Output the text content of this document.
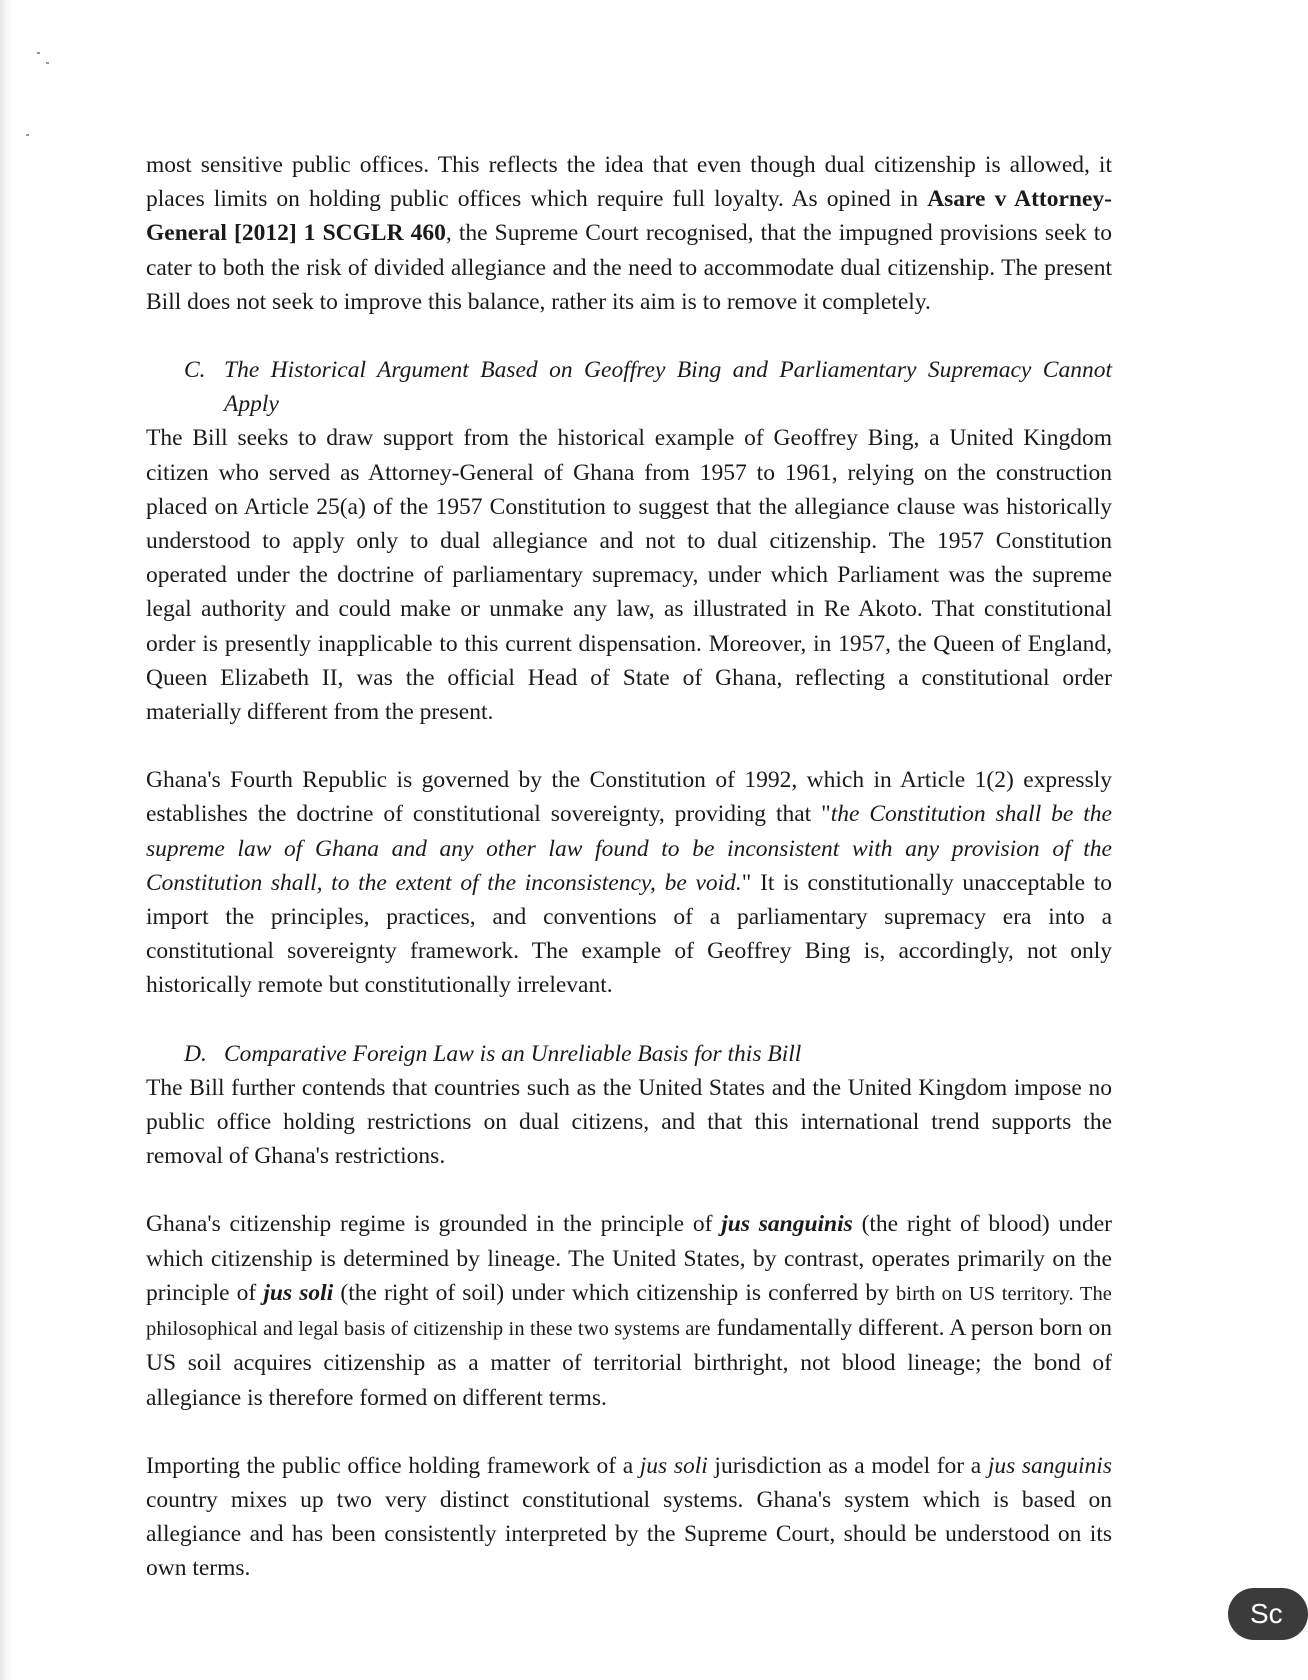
most sensitive public offices. This reflects the idea that even though dual citizenship is allowed, it places limits on holding public offices which require full loyalty. As opined in Asare v Attorney-General [2012] 1 SCGLR 460, the Supreme Court recognised, that the impugned provisions seek to cater to both the risk of divided allegiance and the need to accommodate dual citizenship. The present Bill does not seek to improve this balance, rather its aim is to remove it completely.

C. The Historical Argument Based on Geoffrey Bing and Parliamentary Supremacy Cannot Apply

The Bill seeks to draw support from the historical example of Geoffrey Bing, a United Kingdom citizen who served as Attorney-General of Ghana from 1957 to 1961, relying on the construction placed on Article 25(a) of the 1957 Constitution to suggest that the allegiance clause was historically understood to apply only to dual allegiance and not to dual citizenship. The 1957 Constitution operated under the doctrine of parliamentary supremacy, under which Parliament was the supreme legal authority and could make or unmake any law, as illustrated in Re Akoto. That constitutional order is presently inapplicable to this current dispensation. Moreover, in 1957, the Queen of England, Queen Elizabeth II, was the official Head of State of Ghana, reflecting a constitutional order materially different from the present.

Ghana's Fourth Republic is governed by the Constitution of 1992, which in Article 1(2) expressly establishes the doctrine of constitutional sovereignty, providing that "the Constitution shall be the supreme law of Ghana and any other law found to be inconsistent with any provision of the Constitution shall, to the extent of the inconsistency, be void." It is constitutionally unacceptable to import the principles, practices, and conventions of a parliamentary supremacy era into a constitutional sovereignty framework. The example of Geoffrey Bing is, accordingly, not only historically remote but constitutionally irrelevant.

D. Comparative Foreign Law is an Unreliable Basis for this Bill

The Bill further contends that countries such as the United States and the United Kingdom impose no public office holding restrictions on dual citizens, and that this international trend supports the removal of Ghana's restrictions.

Ghana's citizenship regime is grounded in the principle of jus sanguinis (the right of blood) under which citizenship is determined by lineage. The United States, by contrast, operates primarily on the principle of jus soli (the right of soil) under which citizenship is conferred by birth on US territory. The philosophical and legal basis of citizenship in these two systems are fundamentally different. A person born on US soil acquires citizenship as a matter of territorial birthright, not blood lineage; the bond of allegiance is therefore formed on different terms.

Importing the public office holding framework of a jus soli jurisdiction as a model for a jus sanguinis country mixes up two very distinct constitutional systems. Ghana's system which is based on allegiance and has been consistently interpreted by the Supreme Court, should be understood on its own terms.

Sc
